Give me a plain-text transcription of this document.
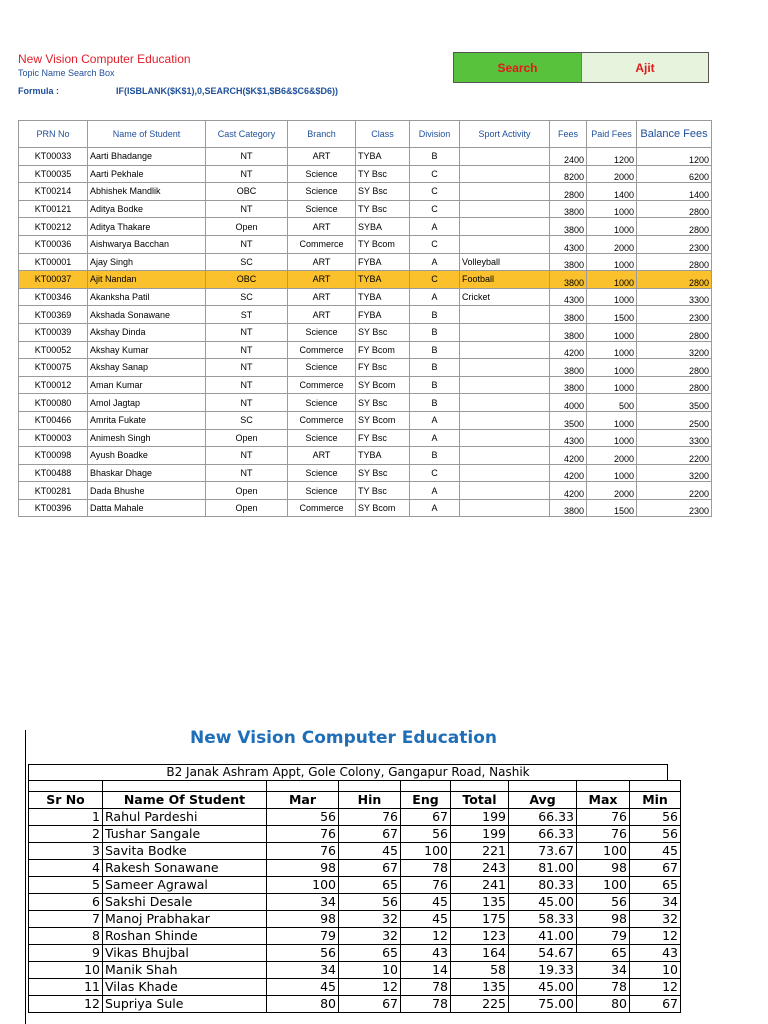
New Vision Computer Education
Topic Name Search Box
Formula :	IF(ISBLANK($K$1),0,SEARCH($K$1,$B6&$C6&$D6))
Search	Ajit
PRN No	Name of Student	Cast Category	Branch	Class	Division	Sport Activity	Fees	Paid Fees	Balance Fees
KT00033	Aarti Bhadange	NT	ART	TYBA	B		2400	1200	1200
KT00035	Aarti Pekhale	NT	Science	TY Bsc	C		8200	2000	6200
KT00214	Abhishek Mandlik	OBC	Science	SY Bsc	C		2800	1400	1400
KT00121	Aditya Bodke	NT	Science	TY Bsc	C		3800	1000	2800
KT00212	Aditya Thakare	Open	ART	SYBA	A		3800	1000	2800
KT00036	Aishwarya Bacchan	NT	Commerce	TY Bcom	C		4300	2000	2300
KT00001	Ajay Singh	SC	ART	FYBA	A	Volleyball	3800	1000	2800
KT00037	Ajit Nandan	OBC	ART	TYBA	C	Football	3800	1000	2800
KT00346	Akanksha Patil	SC	ART	TYBA	A	Cricket	4300	1000	3300
KT00369	Akshada Sonawane	ST	ART	FYBA	B		3800	1500	2300
KT00039	Akshay Dinda	NT	Science	SY Bsc	B		3800	1000	2800
KT00052	Akshay Kumar	NT	Commerce	FY Bcom	B		4200	1000	3200
KT00075	Akshay Sanap	NT	Science	FY Bsc	B		3800	1000	2800
KT00012	Aman Kumar	NT	Commerce	SY Bcom	B		3800	1000	2800
KT00080	Amol Jagtap	NT	Science	SY Bsc	B		4000	500	3500
KT00466	Amrita Fukate	SC	Commerce	SY Bcom	A		3500	1000	2500
KT00003	Animesh Singh	Open	Science	FY Bsc	A		4300	1000	3300
KT00098	Ayush Boadke	NT	ART	TYBA	B		4200	2000	2200
KT00488	Bhaskar Dhage	NT	Science	SY Bsc	C		4200	1000	3200
KT00281	Dada Bhushe	Open	Science	TY Bsc	A		4200	2000	2200
KT00396	Datta Mahale	Open	Commerce	SY Bcom	A		3800	1500	2300
New Vision Computer Education
B2 Janak Ashram Appt, Gole Colony, Gangapur Road, Nashik

Sr No	Name Of Student	Mar	Hin	Eng	Total	Avg	Max	Min
1	Rahul Pardeshi	56	76	67	199	66.33	76	56
2	Tushar Sangale	76	67	56	199	66.33	76	56
3	Savita Bodke	76	45	100	221	73.67	100	45
4	Rakesh Sonawane	98	67	78	243	81.00	98	67
5	Sameer Agrawal	100	65	76	241	80.33	100	65
6	Sakshi Desale	34	56	45	135	45.00	56	34
7	Manoj Prabhakar	98	32	45	175	58.33	98	32
8	Roshan Shinde	79	32	12	123	41.00	79	12
9	Vikas Bhujbal	56	65	43	164	54.67	65	43
10	Manik Shah	34	10	14	58	19.33	34	10
11	Vilas Khade	45	12	78	135	45.00	78	12
12	Supriya Sule	80	67	78	225	75.00	80	67
